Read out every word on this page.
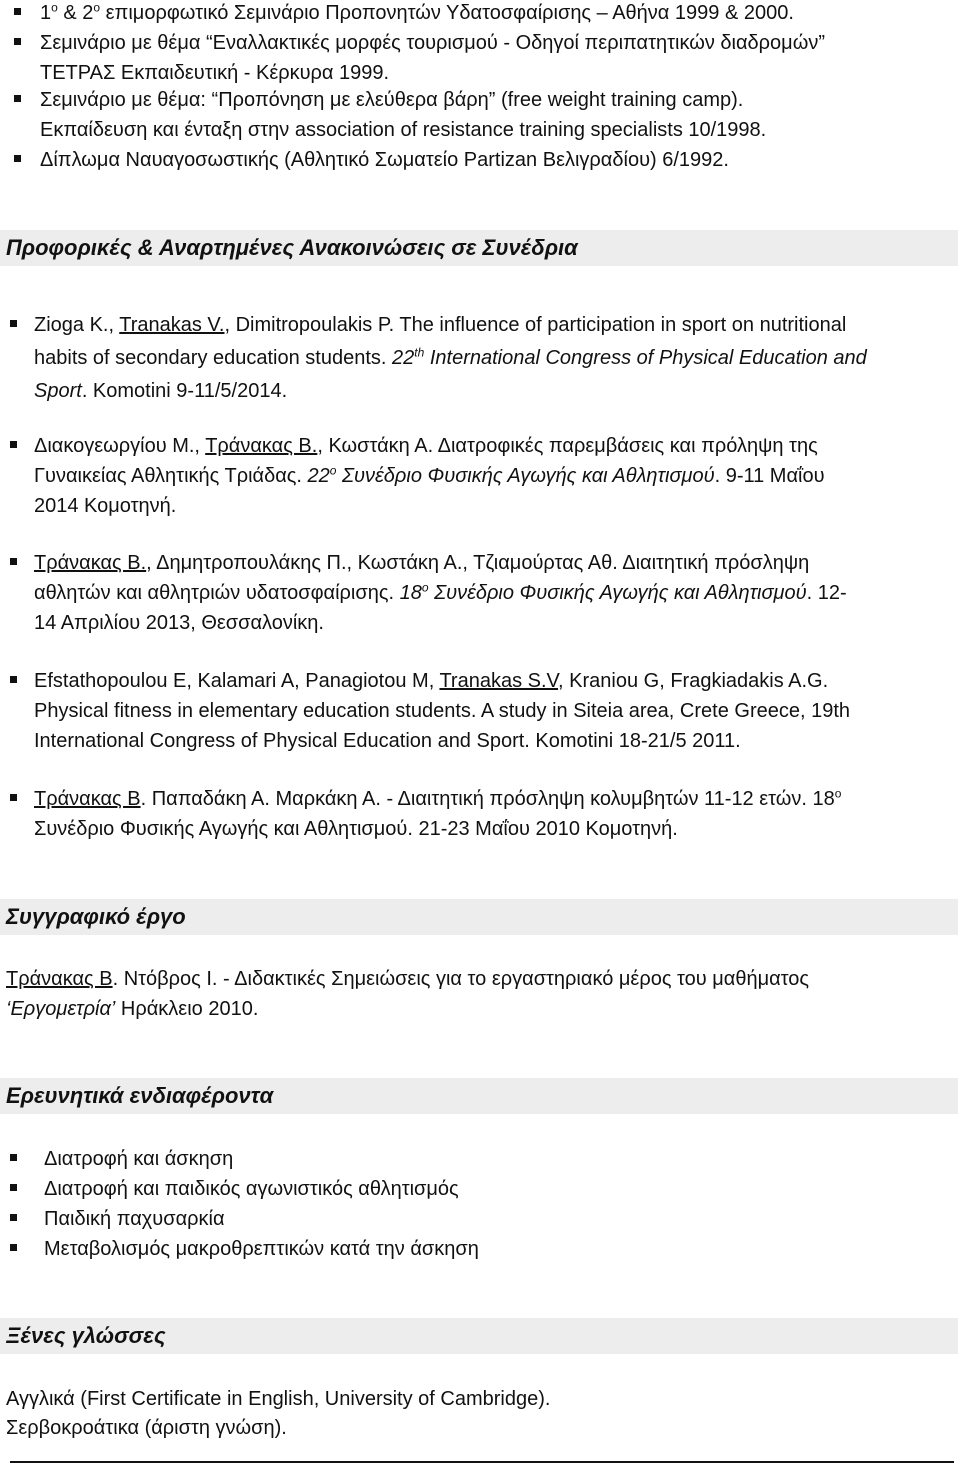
$1^o$ & $2^o$ επιμορφωτικό Σεμινάριο Προπονητών Υδατοσφαίρισης – Αθήνα 1999 & 2000.
Σεμινάριο με θέμα “Εναλλακτικές μορφές τουρισμού - Οδηγοί περιπατητικών διαδρομών”
ΤΕΤΡΑΣ Εκπαιδευτική - Κέρκυρα 1999.
Σεμινάριο με θέμα: “Προπόνηση με ελεύθερα βάρη” (free weight training camp).
Εκπαίδευση και ένταξη στην association of resistance training specialists 10/1998.
Δίπλωμα Ναυαγοσωστικής (Αθλητικό Σωματείο Partizan Βελιγραδίου) 6/1992.
Προφορικές & Αναρτημένες Ανακοινώσεις σε Συνέδρια
Zioga K., Tranakas V., Dimitropoulakis P. The influence of participation in sport on nutritional
habits of secondary education students. 22th International Congress of Physical Education and
Sport. Komotini 9-11/5/2014.
Διακογεωργίου Μ., Τράνακας Β., Κωστάκη Α. Διατροφικές παρεμβάσεις και πρόληψη της
Γυναικείας Αθλητικής Τριάδας. $22^o$ Συνέδριο Φυσικής Αγωγής και Αθλητισμού. 9-11 Μαΐου
2014 Κομοτηνή.
Τράνακας Β., Δημητροπουλάκης Π., Κωστάκη Α., Τζιαμούρτας Αθ. Διαιτητική πρόσληψη
αθλητών και αθλητριών υδατοσφαίρισης. $18^o$ Συνέδριο Φυσικής Αγωγής και Αθλητισμού. 12-
14 Απριλίου 2013, Θεσσαλονίκη.
Efstathopoulou E, Kalamari A, Panagiotou M, Tranakas S.V, Kraniou G, Fragkiadakis A.G.
Physical fitness in elementary education students. A study in Siteia area, Crete Greece, 19th
International Congress of Physical Education and Sport. Komotini 18-21/5 2011.
Τράνακας Β. Παπαδάκη Α. Μαρκάκη Α. - Διαιτητική πρόσληψη κολυμβητών 11-12 ετών. $18^o$
Συνέδριο Φυσικής Αγωγής και Αθλητισμού. 21-23 Μαΐου 2010 Κομοτηνή.
Συγγραφικό έργο
Τράνακας Β. Ντόβρος Ι. - Διδακτικές Σημειώσεις για το εργαστηριακό μέρος του μαθήματος
‘Εργομετρία’ Ηράκλειο 2010.
Ερευνητικά ενδιαφέροντα
Διατροφή και άσκηση
Διατροφή και παιδικός αγωνιστικός αθλητισμός
Παιδική παχυσαρκία
Μεταβολισμός μακροθρεπτικών κατά την άσκηση
Ξένες γλώσσες
Αγγλικά (First Certificate in English, University of Cambridge).
Σερβοκροάτικα (άριστη γνώση).
